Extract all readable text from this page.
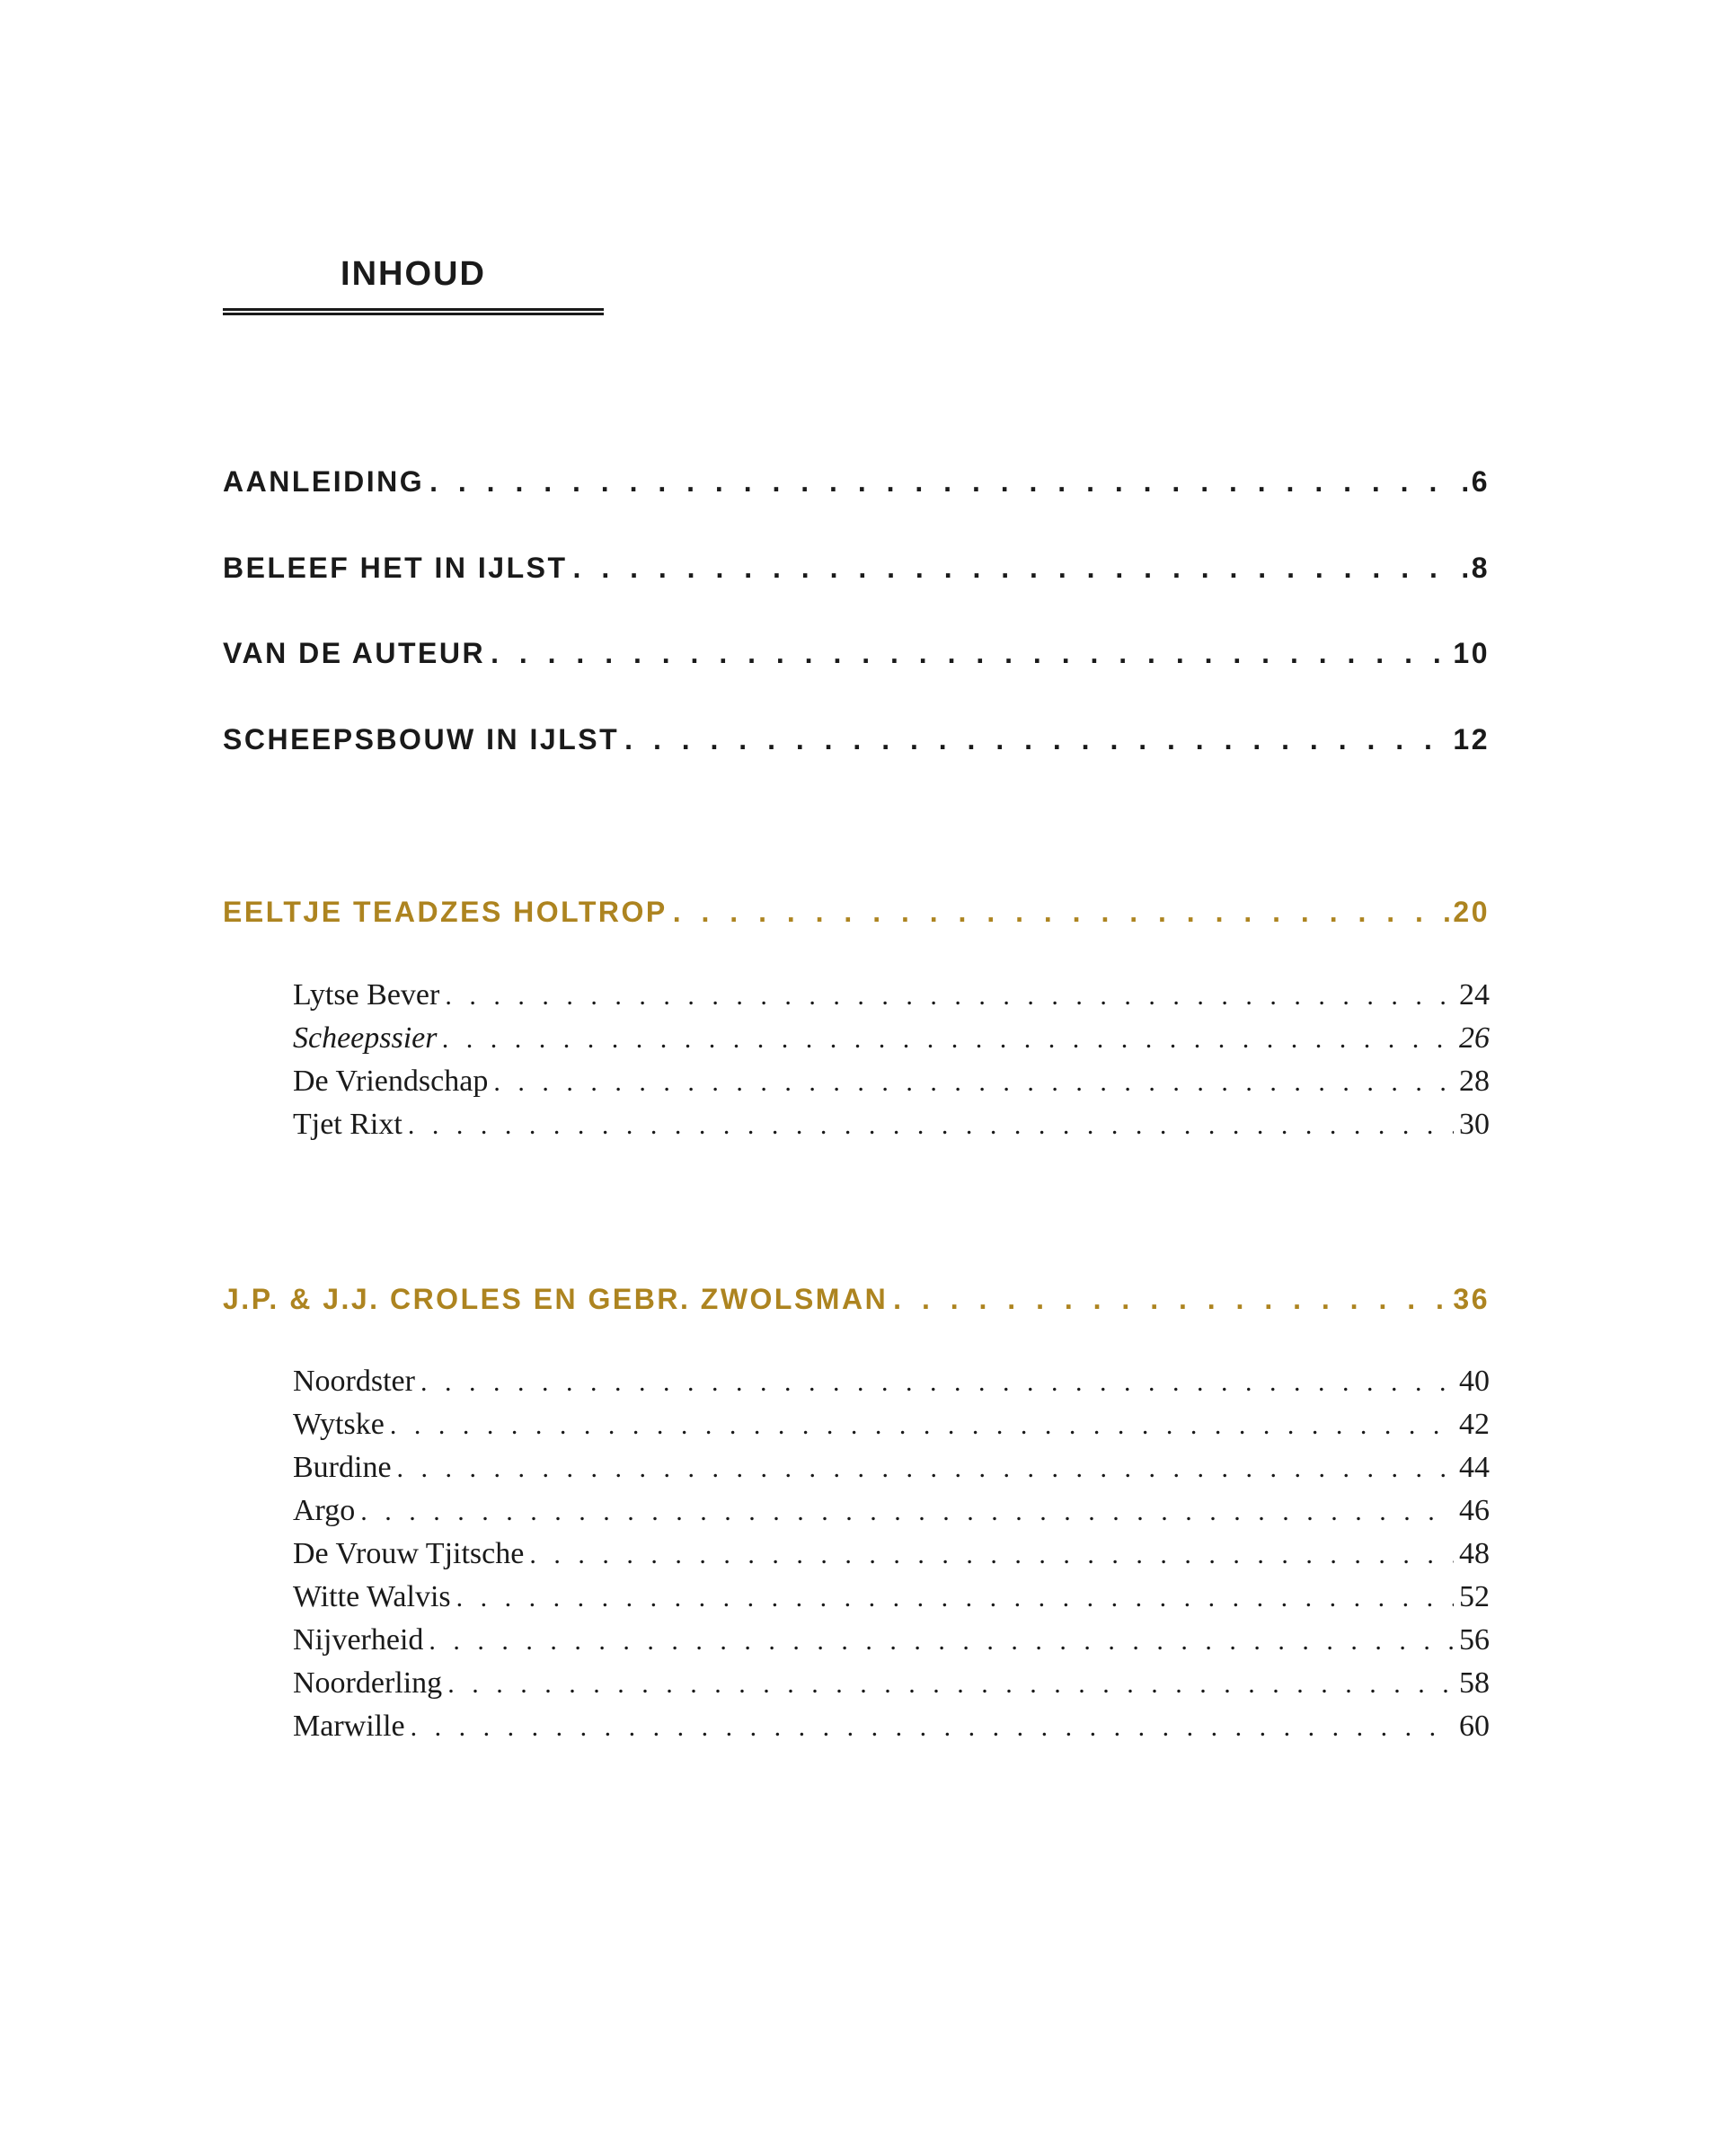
INHOUD
AANLEIDING . . .	.6
BELEEF HET IN IJLST . . .	.8
VAN DE AUTEUR . . .	10
SCHEEPSBOUW IN IJLST . . .	12
EELTJE TEADZES HOLTROP . . .	.20
Lytse Bever . . .	24
Scheepssier . . .	26
De Vriendschap . . .	28
Tjet Rixt . . .	30
J.P. & J.J. CROLES EN GEBR. ZWOLSMAN . . .	36
Noordster . . .	40
Wytske . . .	42
Burdine . . .	44
Argo . . .	46
De Vrouw Tjitsche . . .	48
Witte Walvis . . .	52
Nijverheid . . .	56
Noorderling . . .	58
Marwille . . .	60
